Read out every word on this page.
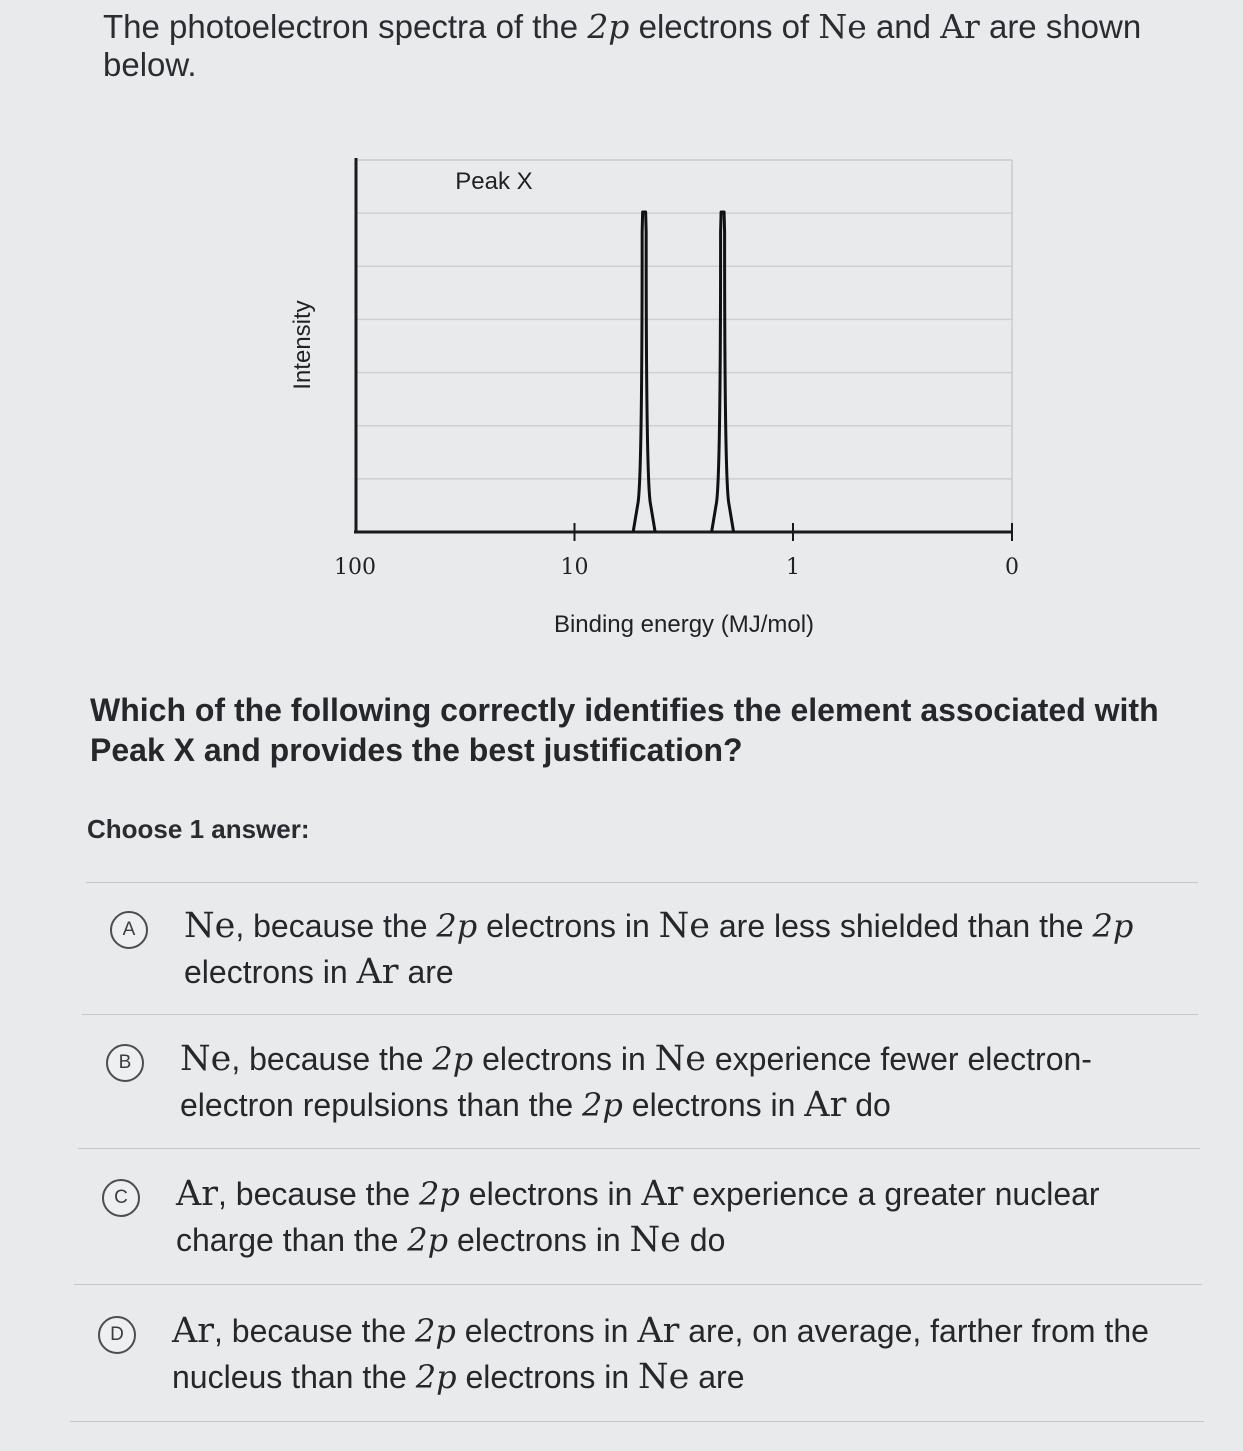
The photoelectron spectra of the 2p electrons of Ne and Ar are shown below.

100	10	1	0
Peak X
Intensity
Binding energy (MJ/mol)

Which of the following correctly identifies the element associated with Peak X and provides the best justification?

Choose 1 answer:
A	Ne, because the 2p electrons in Ne are less shielded than the 2p electrons in Ar are
B	Ne, because the 2p electrons in Ne experience fewer electron-electron repulsions than the 2p electrons in Ar do
C	Ar, because the 2p electrons in Ar experience a greater nuclear charge than the 2p electrons in Ne do
D	Ar, because the 2p electrons in Ar are, on average, farther from the nucleus than the 2p electrons in Ne are
